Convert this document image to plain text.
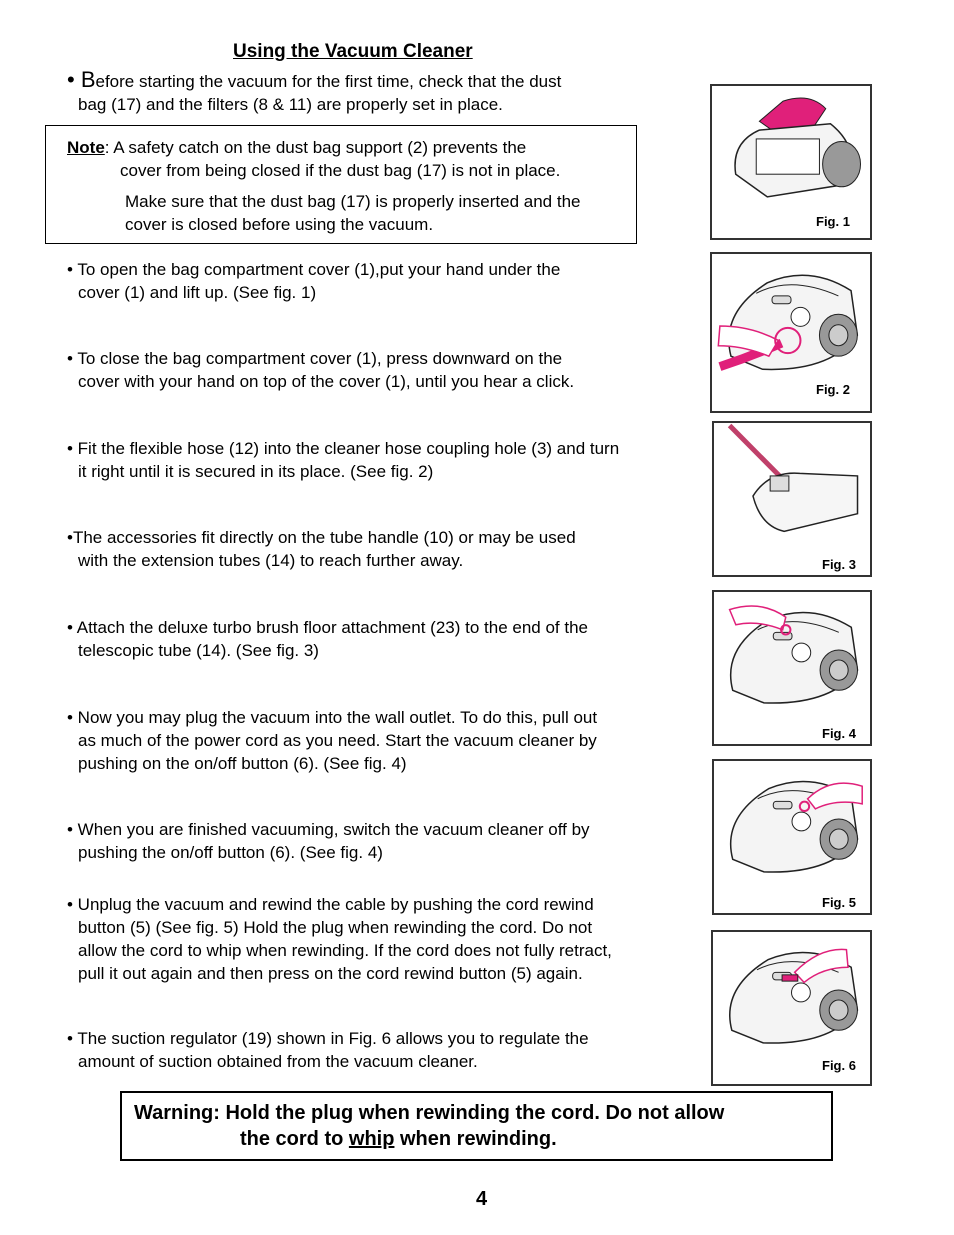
Using the Vacuum Cleaner
• Before starting the vacuum for the first time, check that the dust
bag (17) and the filters (8 & 11) are properly set in place.
Note: A safety catch on the dust bag support (2) prevents the
cover from being closed if the dust bag (17) is not in place.
Make sure that the dust bag (17) is properly inserted and the
cover is closed before using the vacuum.
• To open the bag compartment cover (1),put your hand under the
cover (1) and lift up. (See fig. 1)
• To close the bag compartment cover (1), press downward on the
cover with your hand on top of the cover (1), until you hear a click.
• Fit the flexible hose (12) into the cleaner hose coupling hole (3) and turn
it right until it is secured in its place. (See fig. 2)
•The accessories fit directly on the tube handle (10) or may be used
with the extension tubes (14) to reach further away.
• Attach the deluxe turbo brush floor attachment (23) to the end of the
telescopic tube (14). (See fig. 3)
• Now you may plug the vacuum into the wall outlet. To do this, pull out
as much of the power cord as you need. Start the vacuum cleaner by
pushing on the on/off button (6). (See fig. 4)
• When you are finished vacuuming, switch the vacuum cleaner off by
pushing the on/off button (6). (See fig. 4)
• Unplug the vacuum and rewind the cable by pushing the cord rewind
button (5) (See fig. 5) Hold the plug when rewinding the cord. Do not
allow the cord to whip when rewinding. If the cord does not fully retract,
pull it out again and then press on the cord rewind button (5) again.
• The suction regulator (19) shown in Fig. 6 allows you to regulate the
amount of suction obtained from the vacuum cleaner.
Fig. 1
Fig. 2
Fig. 3
Fig. 4
Fig. 5
Fig. 6
Warning: Hold the plug when rewinding the cord. Do not allow
the cord to whip when rewinding.
4
